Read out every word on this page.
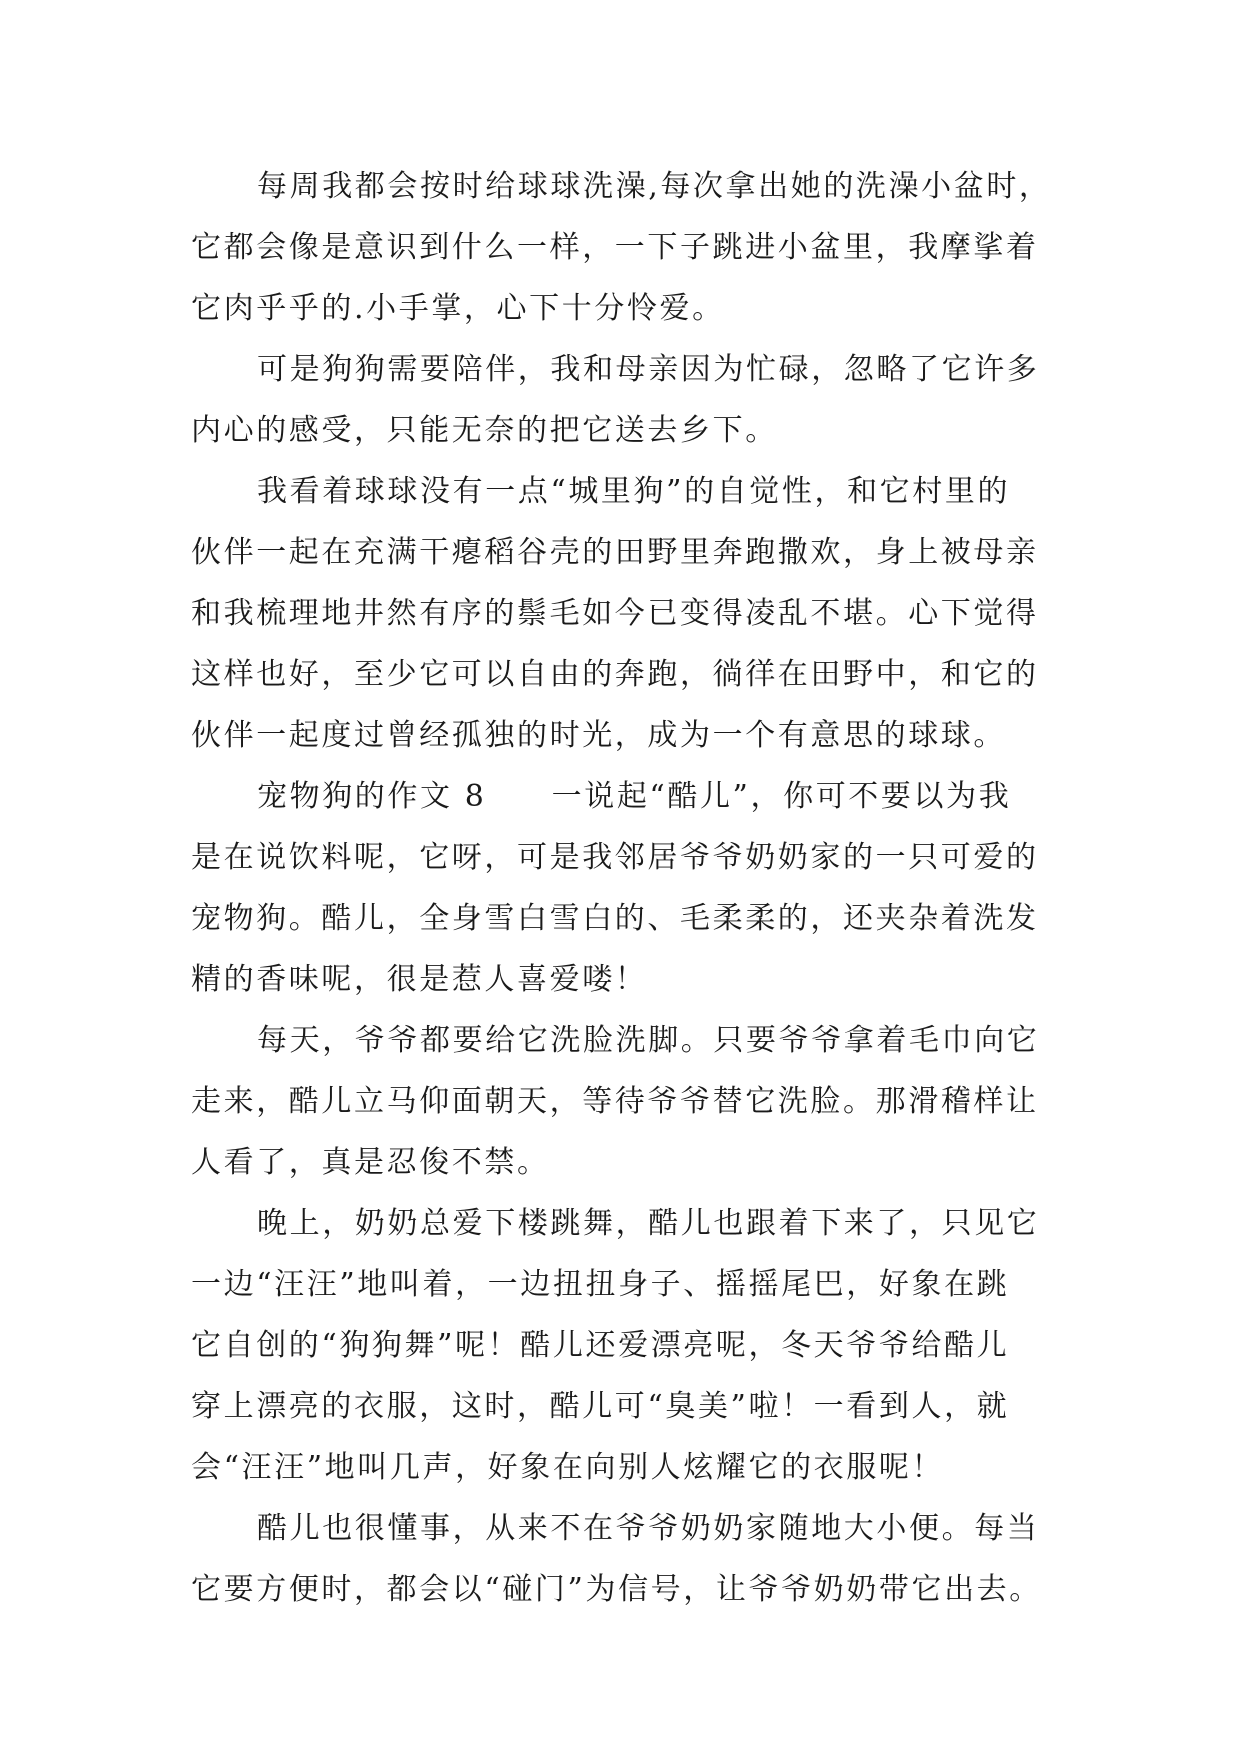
每周我都会按时给球球洗澡,每次拿出她的洗澡小盆时，
它都会像是意识到什么一样，一下子跳进小盆里，我摩挲着
它肉乎乎的.小手掌，心下十分怜爱。
可是狗狗需要陪伴，我和母亲因为忙碌，忽略了它许多
内心的感受，只能无奈的把它送去乡下。
我看着球球没有一点“城里狗”的自觉性，和它村里的
伙伴一起在充满干瘪稻谷壳的田野里奔跑撒欢，身上被母亲
和我梳理地井然有序的鬃毛如今已变得凌乱不堪。心下觉得
这样也好，至少它可以自由的奔跑，徜徉在田野中，和它的
伙伴一起度过曾经孤独的时光，成为一个有意思的球球。
宠物狗的作文 8　　一说起“酷儿”，你可不要以为我
是在说饮料呢，它呀，可是我邻居爷爷奶奶家的一只可爱的
宠物狗。酷儿，全身雪白雪白的、毛柔柔的，还夹杂着洗发
精的香味呢，很是惹人喜爱喽！
每天，爷爷都要给它洗脸洗脚。只要爷爷拿着毛巾向它
走来，酷儿立马仰面朝天，等待爷爷替它洗脸。那滑稽样让
人看了，真是忍俊不禁。
晚上，奶奶总爱下楼跳舞，酷儿也跟着下来了，只见它
一边“汪汪”地叫着，一边扭扭身子、摇摇尾巴，好象在跳
它自创的“狗狗舞”呢！酷儿还爱漂亮呢，冬天爷爷给酷儿
穿上漂亮的衣服，这时，酷儿可“臭美”啦！一看到人，就
会“汪汪”地叫几声，好象在向别人炫耀它的衣服呢！
酷儿也很懂事，从来不在爷爷奶奶家随地大小便。每当
它要方便时，都会以“碰门”为信号，让爷爷奶奶带它出去。
